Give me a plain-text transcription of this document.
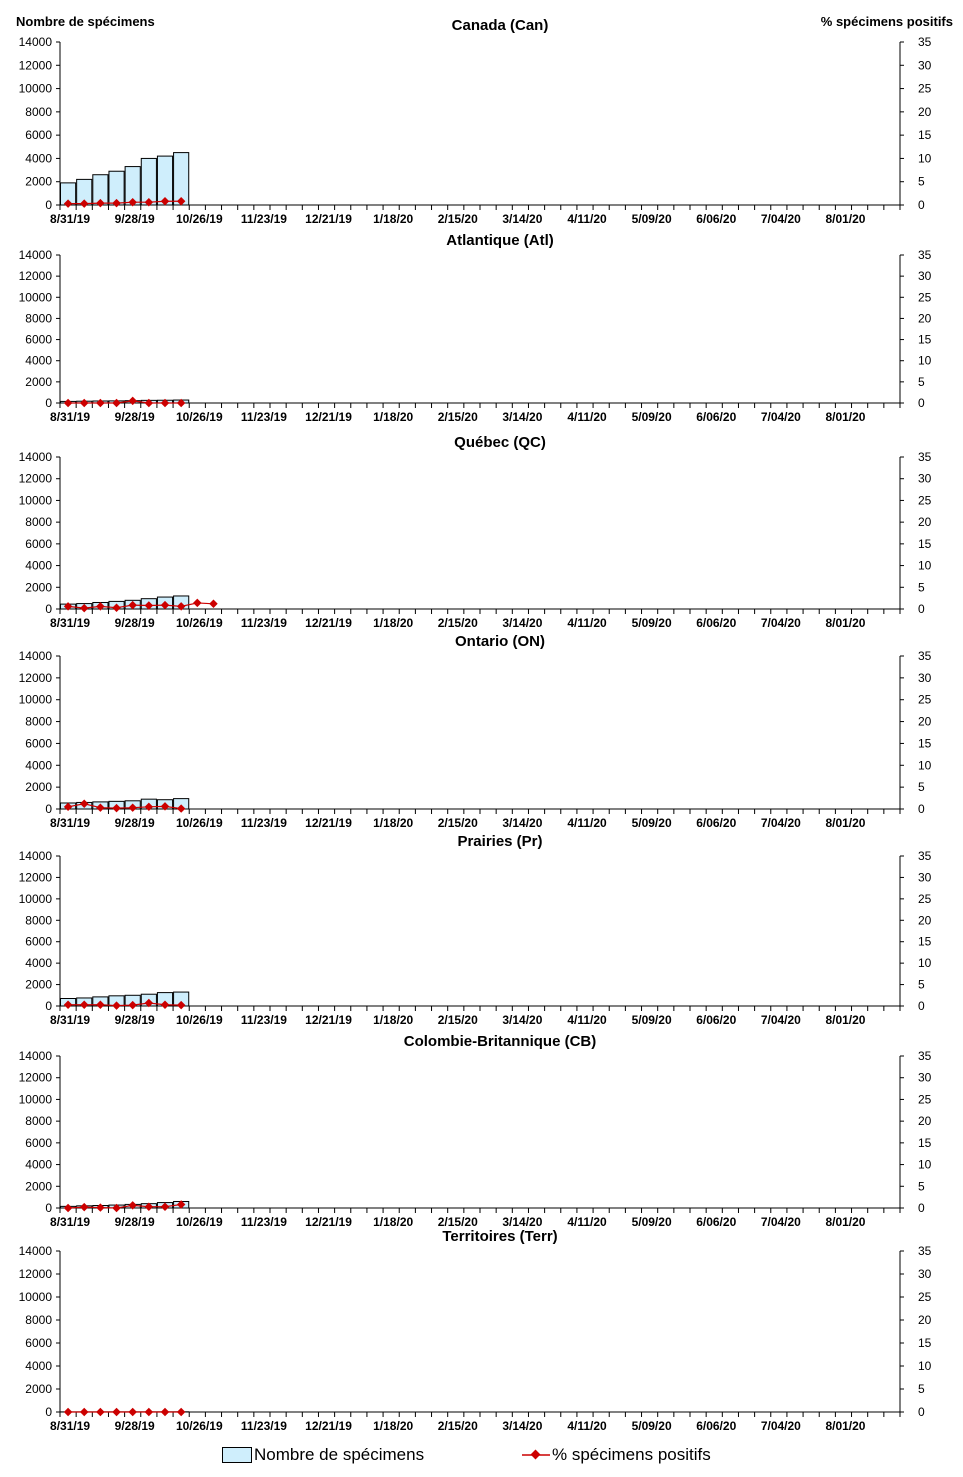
Nombre de spécimens	% spécimens positifs
Canada (Can)
0
2000
4000
6000
8000
10000
12000
14000
0
5
10
15
20
25
30
35
8/31/19 9/28/19 10/26/19 11/23/19 12/21/19 1/18/20 2/15/20 3/14/20 4/11/20 5/09/20 6/06/20 7/04/20 8/01/20
Atlantique (Atl)
0
2000
4000
6000
8000
10000
12000
14000
0
5
10
15
20
25
30
35
8/31/19 9/28/19 10/26/19 11/23/19 12/21/19 1/18/20 2/15/20 3/14/20 4/11/20 5/09/20 6/06/20 7/04/20 8/01/20
Québec (QC)
0
2000
4000
6000
8000
10000
12000
14000
0
5
10
15
20
25
30
35
8/31/19 9/28/19 10/26/19 11/23/19 12/21/19 1/18/20 2/15/20 3/14/20 4/11/20 5/09/20 6/06/20 7/04/20 8/01/20
Ontario (ON)
0
2000
4000
6000
8000
10000
12000
14000
0
5
10
15
20
25
30
35
8/31/19 9/28/19 10/26/19 11/23/19 12/21/19 1/18/20 2/15/20 3/14/20 4/11/20 5/09/20 6/06/20 7/04/20 8/01/20
Prairies (Pr)
0
2000
4000
6000
8000
10000
12000
14000
0
5
10
15
20
25
30
35
8/31/19 9/28/19 10/26/19 11/23/19 12/21/19 1/18/20 2/15/20 3/14/20 4/11/20 5/09/20 6/06/20 7/04/20 8/01/20
Colombie-Britannique (CB)
0
2000
4000
6000
8000
10000
12000
14000
0
5
10
15
20
25
30
35
8/31/19 9/28/19 10/26/19 11/23/19 12/21/19 1/18/20 2/15/20 3/14/20 4/11/20 5/09/20 6/06/20 7/04/20 8/01/20
Territoires (Terr)
0
2000
4000
6000
8000
10000
12000
14000
0
5
10
15
20
25
30
35
8/31/19 9/28/19 10/26/19 11/23/19 12/21/19 1/18/20 2/15/20 3/14/20 4/11/20 5/09/20 6/06/20 7/04/20 8/01/20
Nombre de spécimens	% spécimens positifs
